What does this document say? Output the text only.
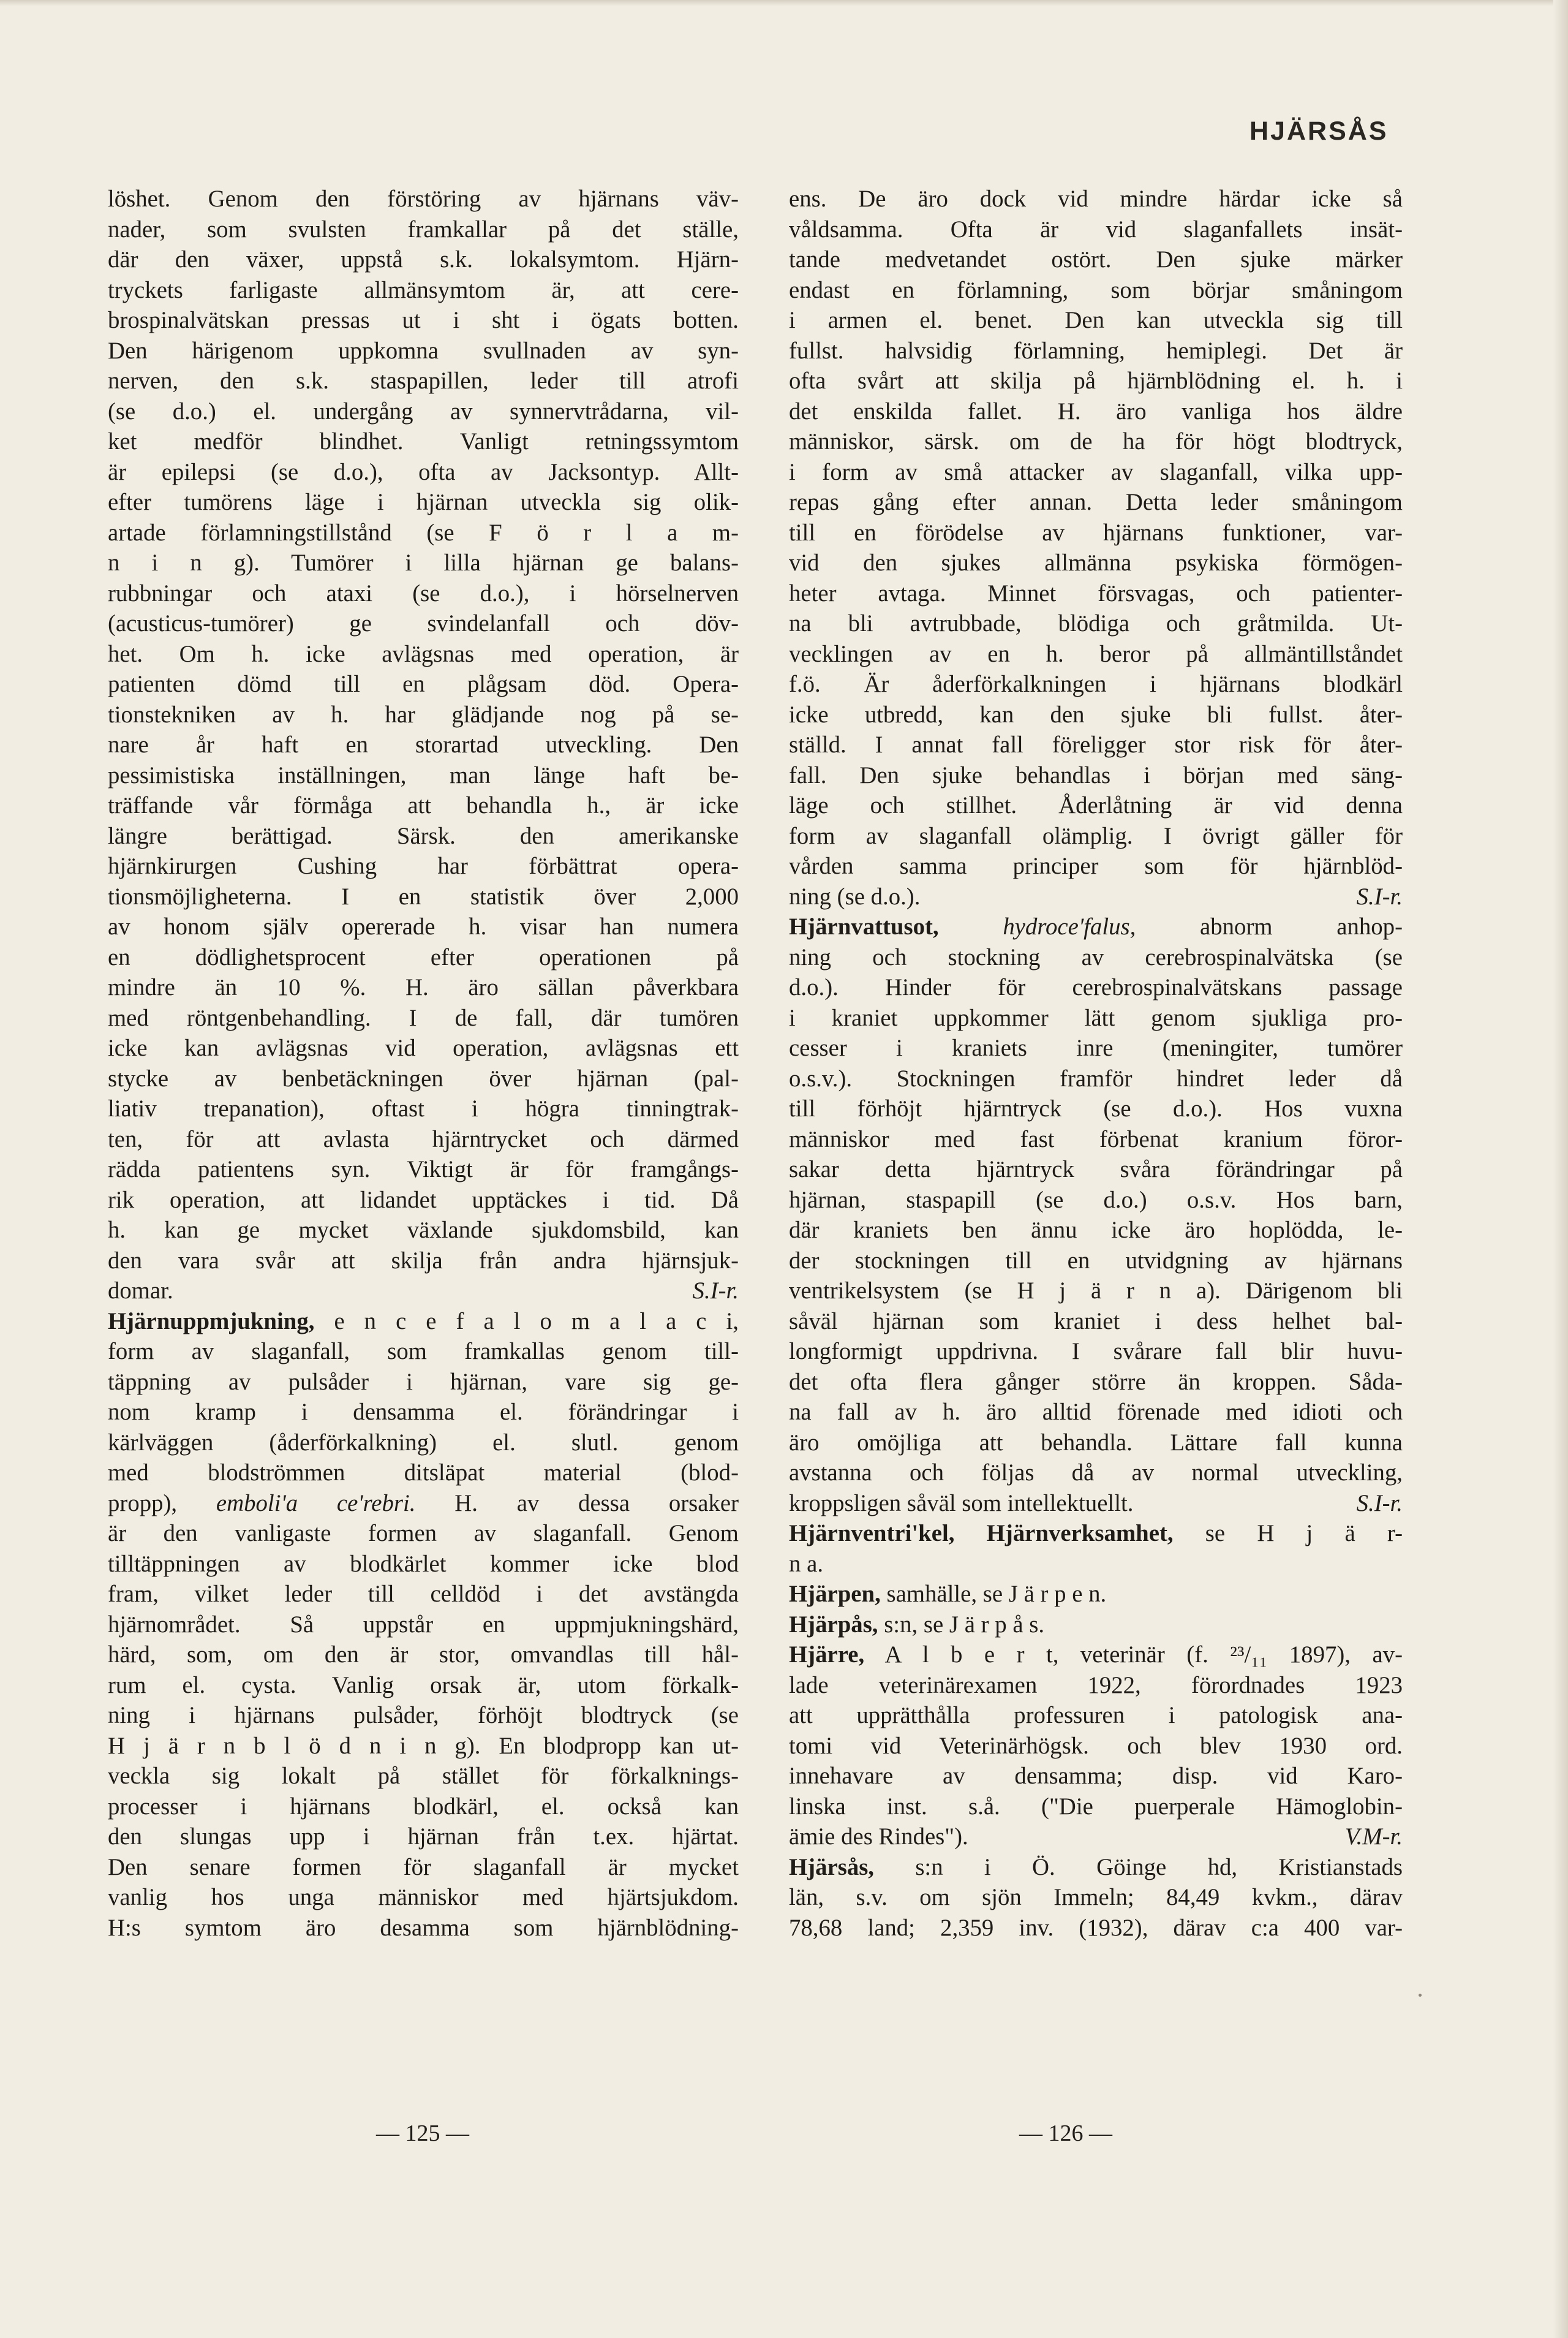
HJÄRSÅS
löshet. Genom den förstöring av hjärnans väv-
nader, som svulsten framkallar på det ställe,
där den växer, uppstå s.k. lokalsymtom. Hjärn-
tryckets farligaste allmänsymtom är, att cere-
brospinalvätskan pressas ut i sht i ögats botten.
Den härigenom uppkomna svullnaden av syn-
nerven, den s.k. staspapillen, leder till atrofi
(se d.o.) el. undergång av synnervtrådarna, vil-
ket medför blindhet. Vanligt retningssymtom
är epilepsi (se d.o.), ofta av Jacksontyp. Allt-
efter tumörens läge i hjärnan utveckla sig olik-
artade förlamningstillstånd (se F ö r l a m-
n i n g). Tumörer i lilla hjärnan ge balans-
rubbningar och ataxi (se d.o.), i hörselnerven
(acusticus-tumörer) ge svindelanfall och döv-
het. Om h. icke avlägsnas med operation, är
patienten dömd till en plågsam död. Opera-
tionstekniken av h. har glädjande nog på se-
nare år haft en storartad utveckling. Den
pessimistiska inställningen, man länge haft be-
träffande vår förmåga att behandla h., är icke
längre berättigad. Särsk. den amerikanske
hjärnkirurgen Cushing har förbättrat opera-
tionsmöjligheterna. I en statistik över 2,000
av honom själv opererade h. visar han numera
en dödlighetsprocent efter operationen på
mindre än 10 %. H. äro sällan påverkbara
med röntgenbehandling. I de fall, där tumören
icke kan avlägsnas vid operation, avlägsnas ett
stycke av benbetäckningen över hjärnan (pal-
liativ trepanation), oftast i högra tinningtrak-
ten, för att avlasta hjärntrycket och därmed
rädda patientens syn. Viktigt är för framgångs-
rik operation, att lidandet upptäckes i tid. Då
h. kan ge mycket växlande sjukdomsbild, kan
den vara svår att skilja från andra hjärnsjuk-
domar.	S.I-r.
Hjärnuppmjukning, e n c e f a l o m a l a c i,
form av slaganfall, som framkallas genom till-
täppning av pulsåder i hjärnan, vare sig ge-
nom kramp i densamma el. förändringar i
kärlväggen (åderförkalkning) el. slutl. genom
med blodströmmen ditsläpat material (blod-
propp), emboli'a ce'rebri. H. av dessa orsaker
är den vanligaste formen av slaganfall. Genom
tilltäppningen av blodkärlet kommer icke blod
fram, vilket leder till celldöd i det avstängda
hjärnområdet. Så uppstår en uppmjukningshärd,
härd, som, om den är stor, omvandlas till hål-
rum el. cysta. Vanlig orsak är, utom förkalk-
ning i hjärnans pulsåder, förhöjt blodtryck (se
H j ä r n b l ö d n i n g). En blodpropp kan ut-
veckla sig lokalt på stället för förkalknings-
processer i hjärnans blodkärl, el. också kan
den slungas upp i hjärnan från t.ex. hjärtat.
Den senare formen för slaganfall är mycket
vanlig hos unga människor med hjärtsjukdom.
H:s symtom äro desamma som hjärnblödning-
ens. De äro dock vid mindre härdar icke så
våldsamma. Ofta är vid slaganfallets insät-
tande medvetandet ostört. Den sjuke märker
endast en förlamning, som börjar småningom
i armen el. benet. Den kan utveckla sig till
fullst. halvsidig förlamning, hemiplegi. Det är
ofta svårt att skilja på hjärnblödning el. h. i
det enskilda fallet. H. äro vanliga hos äldre
människor, särsk. om de ha för högt blodtryck,
i form av små attacker av slaganfall, vilka upp-
repas gång efter annan. Detta leder småningom
till en förödelse av hjärnans funktioner, var-
vid den sjukes allmänna psykiska förmögen-
heter avtaga. Minnet försvagas, och patienter-
na bli avtrubbade, blödiga och gråtmilda. Ut-
vecklingen av en h. beror på allmäntillståndet
f.ö. Är åderförkalkningen i hjärnans blodkärl
icke utbredd, kan den sjuke bli fullst. åter-
ställd. I annat fall föreligger stor risk för åter-
fall. Den sjuke behandlas i början med säng-
läge och stillhet. Åderlåtning är vid denna
form av slaganfall olämplig. I övrigt gäller för
vården samma principer som för hjärnblöd-
ning (se d.o.).	S.I-r.
Hjärnvattusot,	hydroce'falus, abnorm anhop-
ning och stockning av cerebrospinalvätska (se
d.o.). Hinder för cerebrospinalvätskans passage
i kraniet uppkommer lätt genom sjukliga pro-
cesser i kraniets inre (meningiter, tumörer
o.s.v.). Stockningen framför hindret leder då
till förhöjt hjärntryck (se d.o.). Hos vuxna
människor med fast förbenat kranium föror-
sakar detta hjärntryck svåra förändringar på
hjärnan, staspapill (se d.o.) o.s.v. Hos barn,
där kraniets ben ännu icke äro hoplödda, le-
der stockningen till en utvidgning av hjärnans
ventrikelsystem (se H j ä r n a). Därigenom bli
såväl hjärnan som kraniet i dess helhet bal-
longformigt uppdrivna. I svårare fall blir huvu-
det ofta flera gånger större än kroppen. Såda-
na fall av h. äro alltid förenade med idioti och
äro omöjliga att behandla. Lättare fall kunna
avstanna och följas då av normal utveckling,
kroppsligen såväl som intellektuellt.	S.I-r.
Hjärnventri'kel, Hjärnverksamhet, se H j ä r-
n a.
Hjärpen, samhälle, se J ä r p e n.
Hjärpås, s:n, se J ä r p å s.
Hjärre, A l b e r t, veterinär (f. ²³/₁₁ 1897), av-
lade veterinärexamen 1922, förordnades 1923
att upprätthålla professuren i patologisk ana-
tomi vid Veterinärhögsk. och blev 1930 ord.
innehavare av densamma; disp. vid Karo-
linska inst. s.å. ("Die puerperale Hämoglobin-
ämie des Rindes").	V.M-r.
Hjärsås, s:n i Ö. Göinge hd, Kristianstads
län, s.v. om sjön Immeln; 84,49 kvkm., därav
78,68 land; 2,359 inv. (1932), därav c:a 400 var-
— 125 —	— 126 —
